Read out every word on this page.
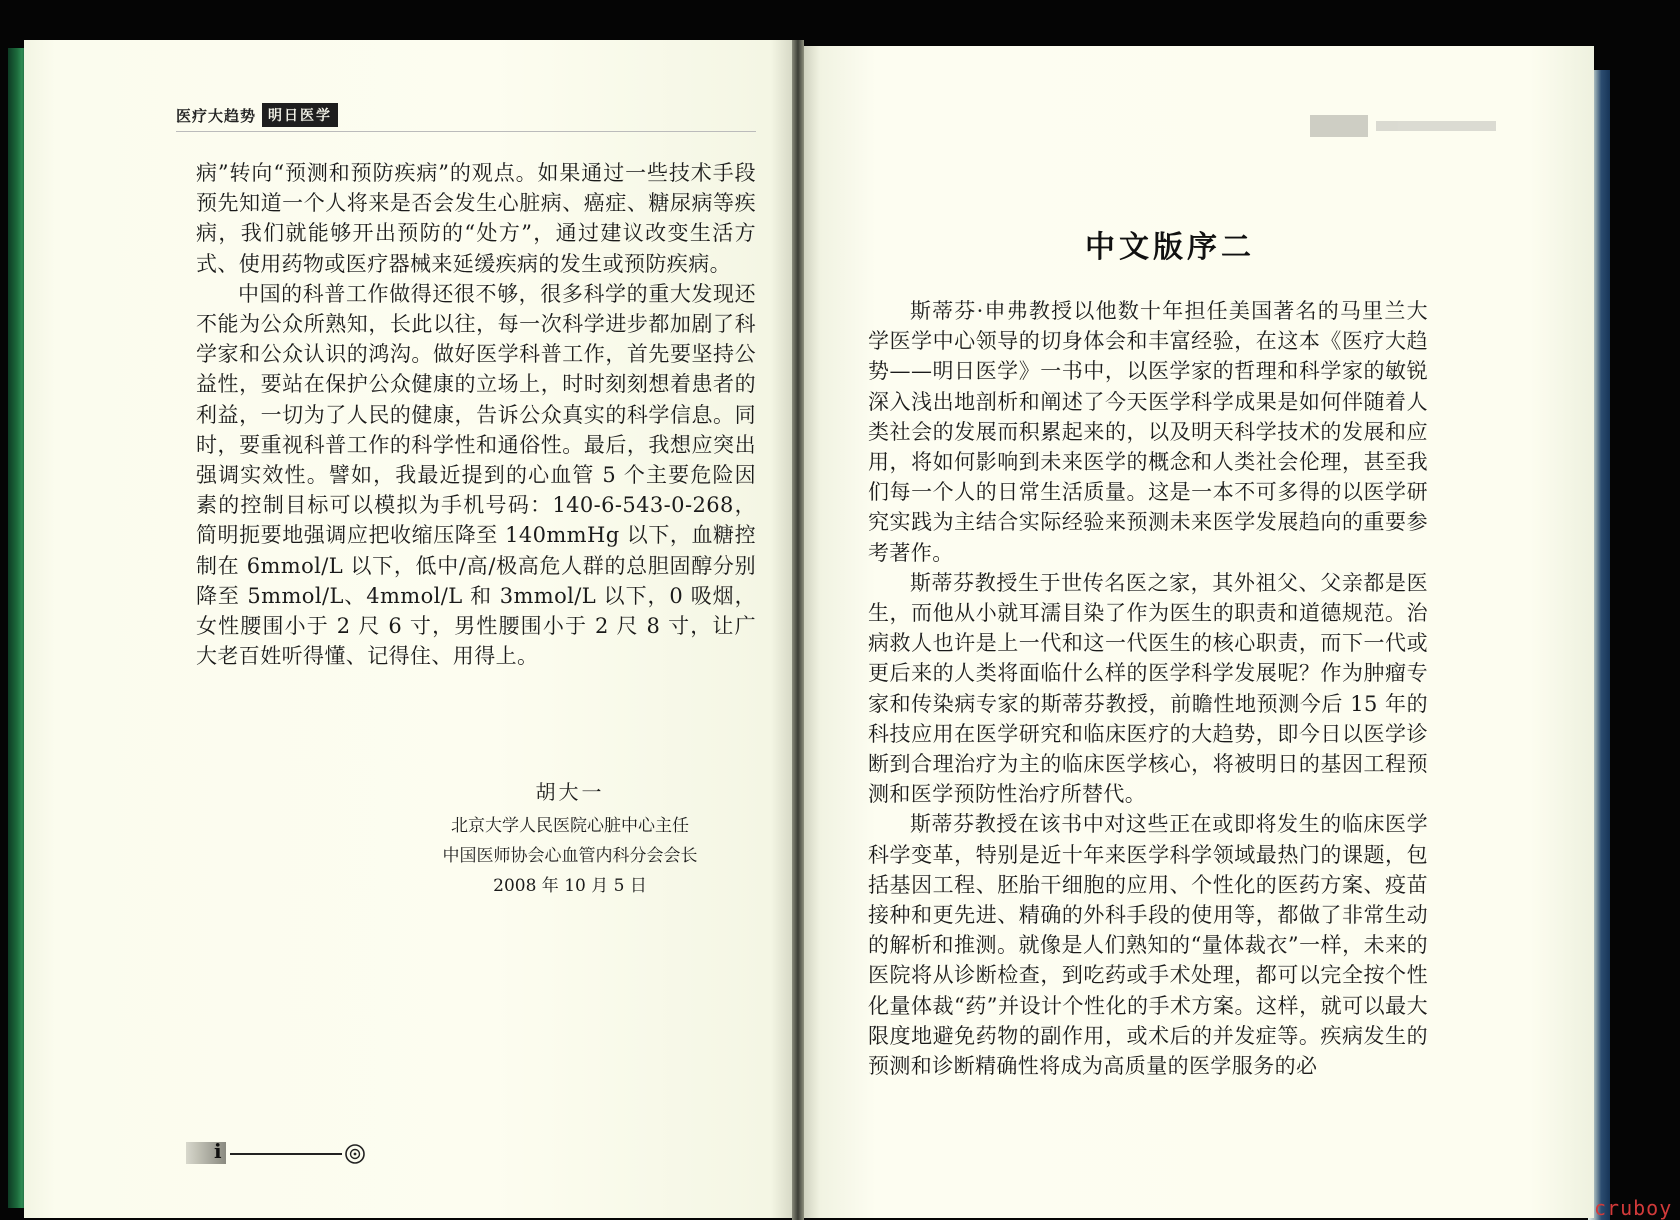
医疗大趋势 明日医学

病”转向“预测和预防疾病”的观点。如果通过一些技术手段预先知道一个人将来是否会发生心脏病、癌症、糖尿病等疾病，我们就能够开出预防的“处方”，通过建议改变生活方式、使用药物或医疗器械来延缓疾病的发生或预防疾病。

中国的科普工作做得还很不够，很多科学的重大发现还不能为公众所熟知，长此以往，每一次科学进步都加剧了科学家和公众认识的鸿沟。做好医学科普工作，首先要坚持公益性，要站在保护公众健康的立场上，时时刻刻想着患者的利益，一切为了人民的健康，告诉公众真实的科学信息。同时，要重视科普工作的科学性和通俗性。最后，我想应突出强调实效性。譬如，我最近提到的心血管 5 个主要危险因素的控制目标可以模拟为手机号码：140-6-543-0-268，简明扼要地强调应把收缩压降至 140mmHg 以下，血糖控制在 6mmol/L 以下，低中/高/极高危人群的总胆固醇分别降至 5mmol/L、4mmol/L 和 3mmol/L 以下，0 吸烟，女性腰围小于 2 尺 6 寸，男性腰围小于 2 尺 8 寸，让广大老百姓听得懂、记得住、用得上。

胡大一
北京大学人民医院心脏中心主任
中国医师协会心血管内科分会会长
2008 年 10 月 5 日
i
中文版序二

斯蒂芬·申弗教授以他数十年担任美国著名的马里兰大学医学中心领导的切身体会和丰富经验，在这本《医疗大趋势——明日医学》一书中，以医学家的哲理和科学家的敏锐深入浅出地剖析和阐述了今天医学科学成果是如何伴随着人类社会的发展而积累起来的，以及明天科学技术的发展和应用，将如何影响到未来医学的概念和人类社会伦理，甚至我们每一个人的日常生活质量。这是一本不可多得的以医学研究实践为主结合实际经验来预测未来医学发展趋向的重要参考著作。

斯蒂芬教授生于世传名医之家，其外祖父、父亲都是医生，而他从小就耳濡目染了作为医生的职责和道德规范。治病救人也许是上一代和这一代医生的核心职责，而下一代或更后来的人类将面临什么样的医学科学发展呢？作为肿瘤专家和传染病专家的斯蒂芬教授，前瞻性地预测今后 15 年的科技应用在医学研究和临床医疗的大趋势，即今日以医学诊断到合理治疗为主的临床医学核心，将被明日的基因工程预测和医学预防性治疗所替代。

斯蒂芬教授在该书中对这些正在或即将发生的临床医学科学变革，特别是近十年来医学科学领域最热门的课题，包括基因工程、胚胎干细胞的应用、个性化的医药方案、疫苗接种和更先进、精确的外科手段的使用等，都做了非常生动的解析和推测。就像是人们熟知的“量体裁衣”一样，未来的医院将从诊断检查，到吃药或手术处理，都可以完全按个性化量体裁“药”并设计个性化的手术方案。这样，就可以最大限度地避免药物的副作用，或术后的并发症等。疾病发生的预测和诊断精确性将成为高质量的医学服务的必

cruboy
